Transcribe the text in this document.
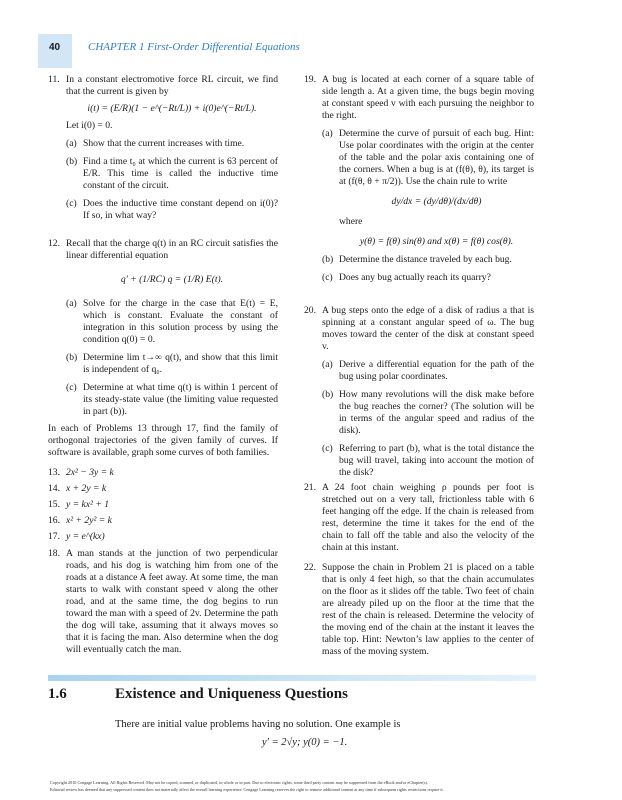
40	CHAPTER 1 First-Order Differential Equations
11. In a constant electromotive force RL circuit, we find that the current is given by
i(t) = (E/R)(1 − e^(−Rt/L)) + i(0)e^(−Rt/L).
Let i(0) = 0.
(a) Show that the current increases with time.
(b) Find a time t₀ at which the current is 63 percent of E/R. This time is called the inductive time constant of the circuit.
(c) Does the inductive time constant depend on i(0)? If so, in what way?
12. Recall that the charge q(t) in an RC circuit satisfies the linear differential equation
q′ + (1/RC) q = (1/R) E(t).
(a) Solve for the charge in the case that E(t) = E, which is constant. Evaluate the constant of integration in this solution process by using the condition q(0) = 0.
(b) Determine lim t→∞ q(t), and show that this limit is independent of q₀.
(c) Determine at what time q(t) is within 1 percent of its steady-state value (the limiting value requested in part (b)).
In each of Problems 13 through 17, find the family of orthogonal trajectories of the given family of curves. If software is available, graph some curves of both families.
13. 2x² − 3y = k
14. x + 2y = k
15. y = kx² + 1
16. x² + 2y² = k
17. y = e^(kx)
18. A man stands at the junction of two perpendicular roads, and his dog is watching him from one of the roads at a distance A feet away. At some time, the man starts to walk with constant speed v along the other road, and at the same time, the dog begins to run toward the man with a speed of 2v. Determine the path the dog will take, assuming that it always moves so that it is facing the man. Also determine when the dog will eventually catch the man.
19. A bug is located at each corner of a square table of side length a. At a given time, the bugs begin moving at constant speed v with each pursuing the neighbor to the right.
(a) Determine the curve of pursuit of each bug. Hint: Use polar coordinates with the origin at the center of the table and the polar axis containing one of the corners. When a bug is at (f(θ), θ), its target is at (f(θ, θ + π/2)). Use the chain rule to write
dy/dx = (dy/dθ)/(dx/dθ)
where
y(θ) = f(θ) sin(θ) and x(θ) = f(θ) cos(θ).
(b) Determine the distance traveled by each bug.
(c) Does any bug actually reach its quarry?
20. A bug steps onto the edge of a disk of radius a that is spinning at a constant angular speed of ω. The bug moves toward the center of the disk at constant speed v.
(a) Derive a differential equation for the path of the bug using polar coordinates.
(b) How many revolutions will the disk make before the bug reaches the corner? (The solution will be in terms of the angular speed and radius of the disk).
(c) Referring to part (b), what is the total distance the bug will travel, taking into account the motion of the disk?
21. A 24 foot chain weighing ρ pounds per foot is stretched out on a very tall, frictionless table with 6 feet hanging off the edge. If the chain is released from rest, determine the time it takes for the end of the chain to fall off the table and also the velocity of the chain at this instant.
22. Suppose the chain in Problem 21 is placed on a table that is only 4 feet high, so that the chain accumulates on the floor as it slides off the table. Two feet of chain are already piled up on the floor at the time that the rest of the chain is released. Determine the velocity of the moving end of the chain at the instant it leaves the table top. Hint: Newton’s law applies to the center of mass of the moving system.
1.6	Existence and Uniqueness Questions
There are initial value problems having no solution. One example is
y′ = 2√y; y(0) = −1.
Copyright 2010 Cengage Learning. All Rights Reserved. May not be copied, scanned, or duplicated, in whole or in part. Due to electronic rights, some third party content may be suppressed from the eBook and/or eChapter(s).
Editorial review has deemed that any suppressed content does not materially affect the overall learning experience. Cengage Learning reserves the right to remove additional content at any time if subsequent rights restrictions require it.
